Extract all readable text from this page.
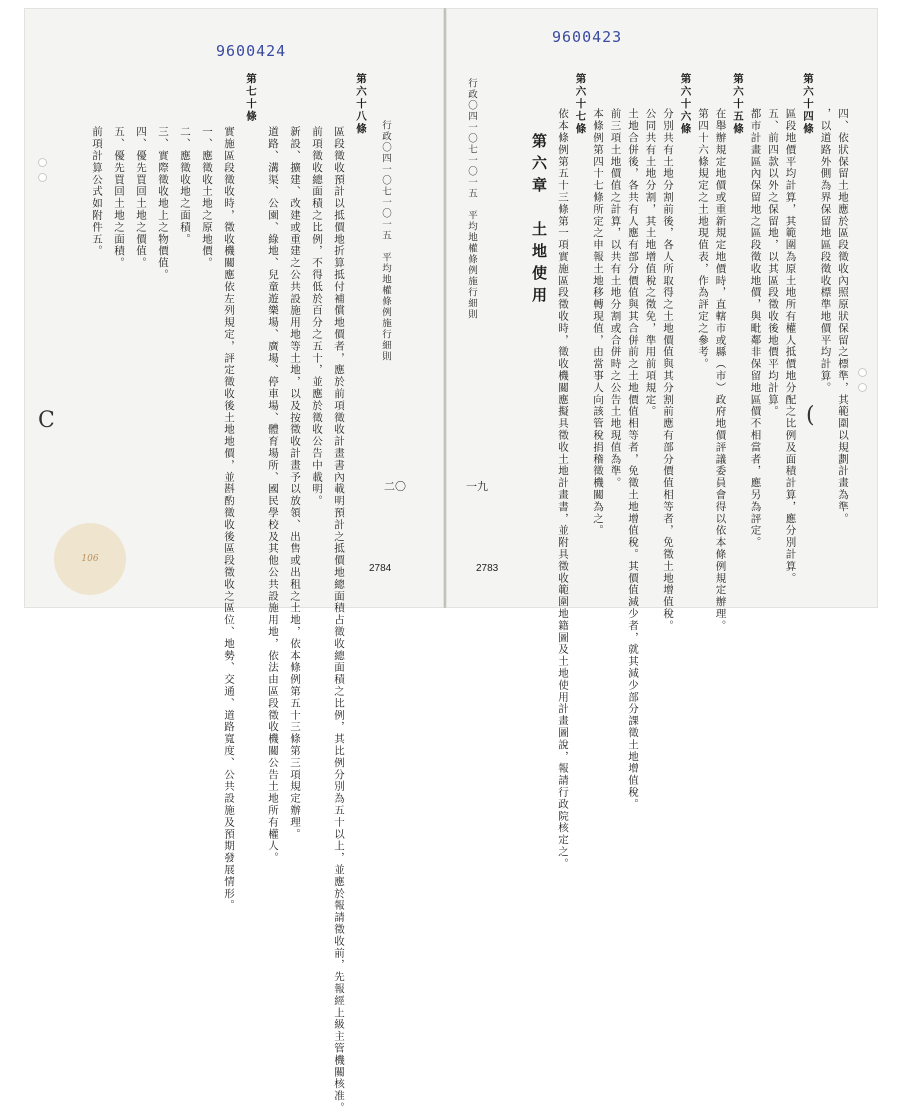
C
9600424
行政〇四一〇七一〇一五　平均地權條例施行細則
第六十八條
區段徵收預計以抵價地折算抵付補償地價者，應於前項徵收計畫書內載明預計之抵價地總面積占徵收總面積之比例，其比例分別為五十以上，並應於報請徵收前，先報經上級主管機關核准。
前項徵收總面積之比例，不得低於百分之五十，並應於徵收公告中載明。
新設、擴建、改建或重建之公共設施用地等土地，以及按徵收計畫予以放領、出售或出租之土地，依本條例第五十三條第三項規定辦理。
道路、溝渠、公園、綠地、兒童遊樂場、廣場、停車場、體育場所、國民學校及其他公共設施用地，依法由區段徵收機關公告土地所有權人。
第七十條
實施區段徵收時，徵收機關應依左列規定，評定徵收後土地地價，並斟酌徵收後區段徵收之區位、地勢、交通、道路寬度、公共設施及預期發展情形。
一、應徵收土地之原地價。
二、應徵收地之面積。
三、實際徵收地上之物價值。
四、優先買回土地之價值。
五、優先買回土地之面積。
前項計算公式如附件五。
二〇
2784
106
(
9600423
行政〇四一〇七一〇一五　平均地權條例施行細則	第六章　土地使用	四、依狀保留土地應於區段徵收內照原狀保留之標準，其範圍以規劃計畫為準。
，以道路外側為界保留地區段徵收標準地價平均計算。
第六十四條
區段地價平均計算，其範圍為原土地所有權人抵價地分配之比例及面積計算，應分別計算。
五、前四款以外之保留地，以其區段徵收後地價平均計算。
都市計畫區內保留地之區段徵收地價，與毗鄰非保留地區價不相當者，應另為評定。
第六十五條
在舉辦規定地價或重新規定地價時，直轄市或縣（市）政府地價評議委員會得以依本條例規定辦理。
第四十六條規定之土地現值表，作為評定之參考。
第六十六條
分別共有土地分割前後，各人所取得之土地價值與其分割前應有部分價值相等者，免徵土地增值稅。
公同共有土地分割，其土地增值稅之徵免，準用前項規定。
土地合併後，各共有人應有部分價值與其合併前之土地價值相等者，免徵土地增值稅。其價值減少者，就其減少部分課徵土地增值稅。
前三項土地價值之計算，以共有土地分割或合併時之公告土地現值為準。
本條例第四十七條所定之申報土地移轉現值，由當事人向該管稅捐稽徵機關為之。
第六十七條
依本條例第五十三條第一項實施區段徵收時，徵收機關應擬具徵收土地計畫書，並附具徵收範圍地籍圖及土地使用計畫圖說，報請行政院核定之。
一九
2783
